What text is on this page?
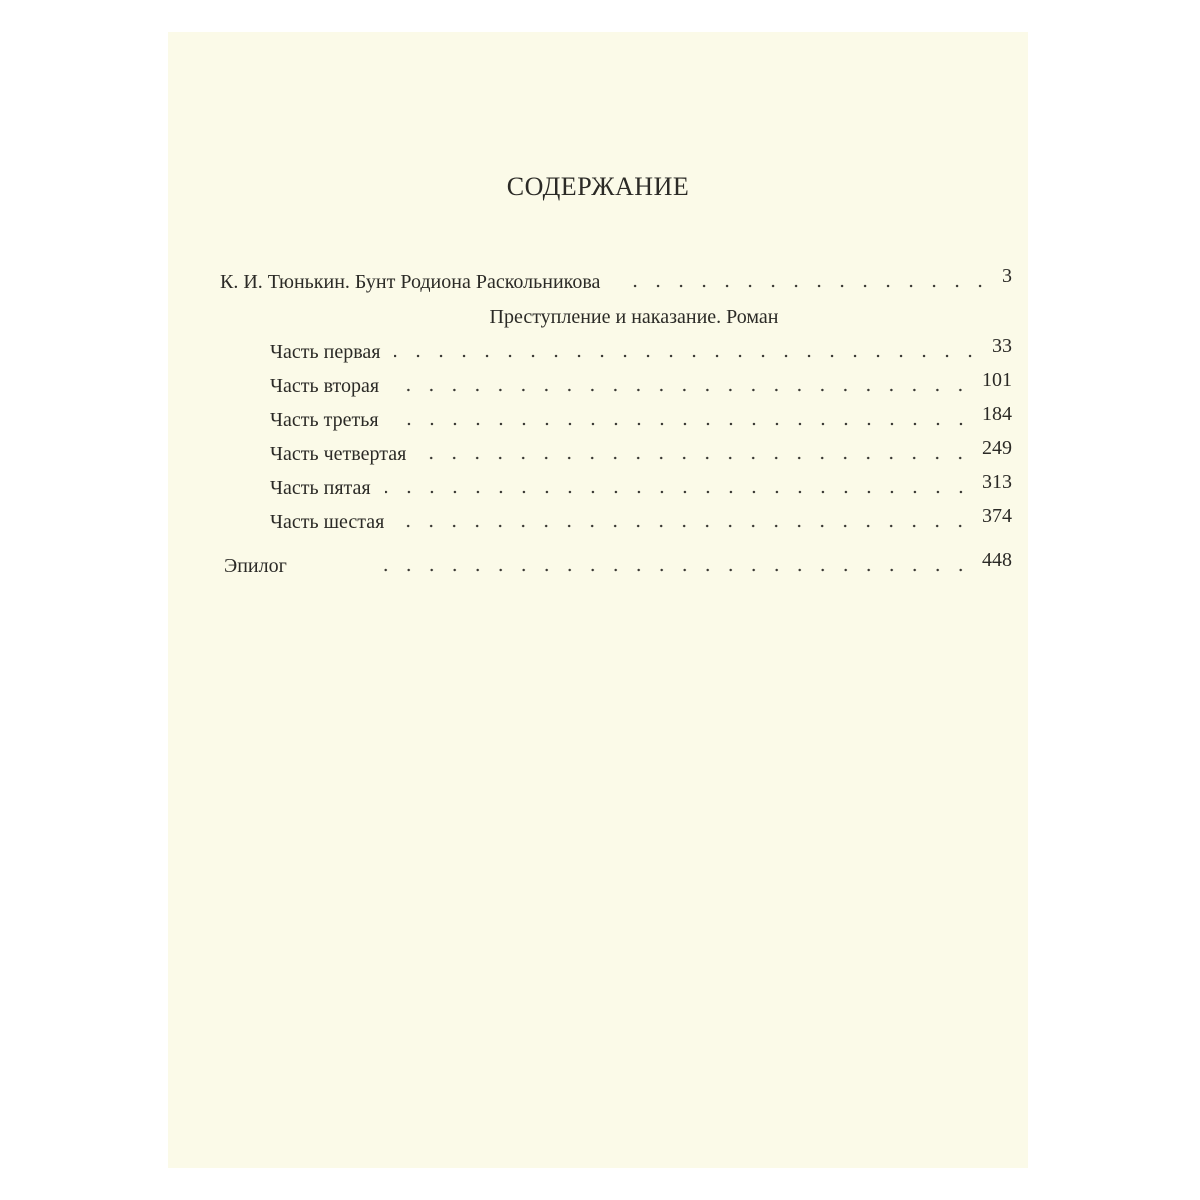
СОДЕРЖАНИЕ
К. И. Тюнькин. Бунт Родиона Раскольникова	3
Преступление и наказание. Роман
Часть первая	33
Часть вторая	101
Часть третья	184
Часть четвертая	249
Часть пятая	313
Часть шестая	374
Эпилог	448
